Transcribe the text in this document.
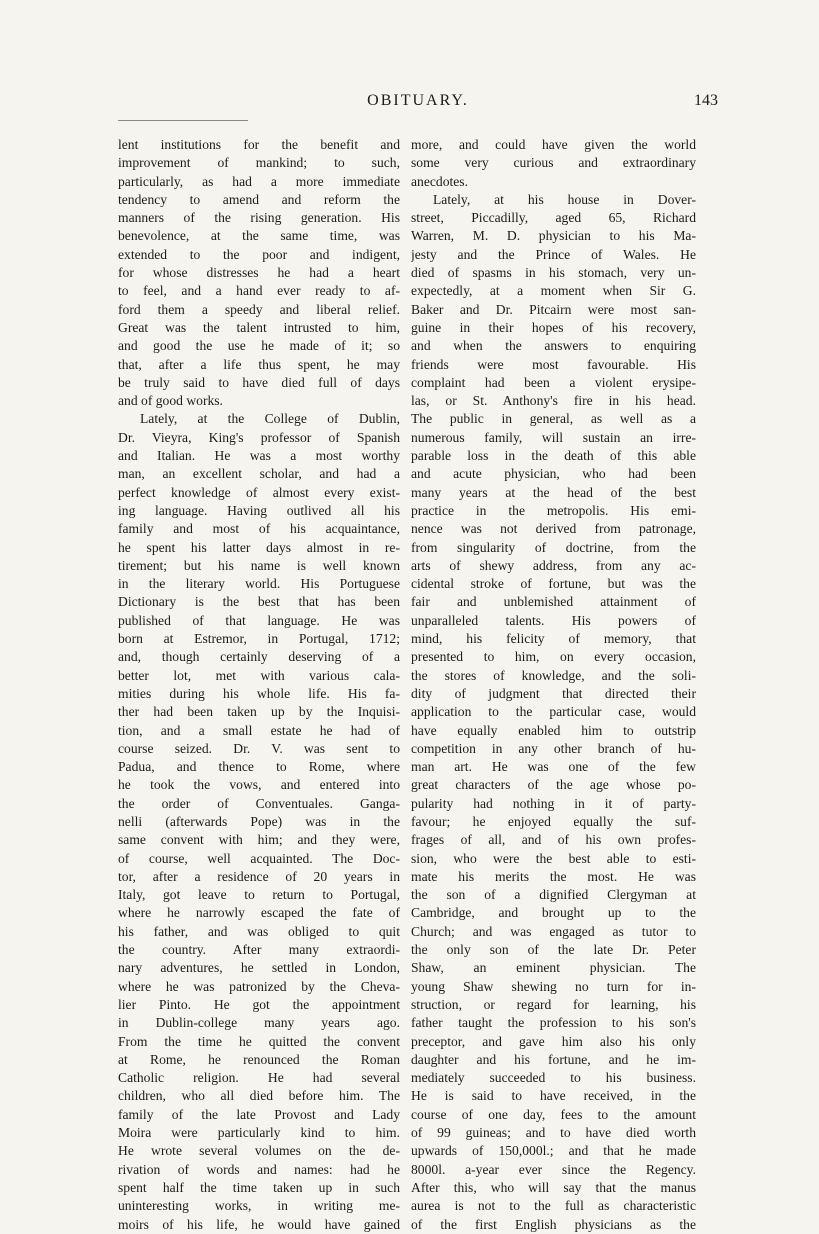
OBITUARY.	143
lent institutions for the benefit and
improvement of mankind; to such,
particularly, as had a more immediate
tendency to amend and reform the
manners of the rising generation. His
benevolence, at the same time, was
extended to the poor and indigent,
for whose distresses he had a heart
to feel, and a hand ever ready to af-
ford them a speedy and liberal relief.
Great was the talent intrusted to him,
and good the use he made of it; so
that, after a life thus spent, he may
be truly said to have died full of days
and of good works.
Lately, at the College of Dublin,
Dr. Vieyra, King's professor of Spanish
and Italian. He was a most worthy
man, an excellent scholar, and had a
perfect knowledge of almost every exist-
ing language. Having outlived all his
family and most of his acquaintance,
he spent his latter days almost in re-
tirement; but his name is well known
in the literary world. His Portuguese
Dictionary is the best that has been
published of that language. He was
born at Estremor, in Portugal, 1712;
and, though certainly deserving of a
better lot, met with various cala-
mities during his whole life. His fa-
ther had been taken up by the Inquisi-
tion, and a small estate he had of
course seized. Dr. V. was sent to
Padua, and thence to Rome, where
he took the vows, and entered into
the order of Conventuales. Ganga-
nelli (afterwards Pope) was in the
same convent with him; and they were,
of course, well acquainted. The Doc-
tor, after a residence of 20 years in
Italy, got leave to return to Portugal,
where he narrowly escaped the fate of
his father, and was obliged to quit
the country. After many extraordi-
nary adventures, he settled in London,
where he was patronized by the Cheva-
lier Pinto. He got the appointment
in Dublin-college many years ago.
From the time he quitted the convent
at Rome, he renounced the Roman
Catholic religion. He had several
children, who all died before him. The
family of the late Provost and Lady
Moira were particularly kind to him.
He wrote several volumes on the de-
rivation of words and names: had he
spent half the time taken up in such
uninteresting works, in writing me-
moirs of his life, he would have gained
more, and could have given the world
some very curious and extraordinary
anecdotes.
Lately, at his house in Dover-
street, Piccadilly, aged 65, Richard
Warren, M. D. physician to his Ma-
jesty and the Prince of Wales. He
died of spasms in his stomach, very un-
expectedly, at a moment when Sir G.
Baker and Dr. Pitcairn were most san-
guine in their hopes of his recovery,
and when the answers to enquiring
friends were most favourable. His
complaint had been a violent erysipe-
las, or St. Anthony's fire in his head.
The public in general, as well as a
numerous family, will sustain an irre-
parable loss in the death of this able
and acute physician, who had been
many years at the head of the best
practice in the metropolis. His emi-
nence was not derived from patronage,
from singularity of doctrine, from the
arts of shewy address, from any ac-
cidental stroke of fortune, but was the
fair and unblemished attainment of
unparalleled talents. His powers of
mind, his felicity of memory, that
presented to him, on every occasion,
the stores of knowledge, and the soli-
dity of judgment that directed their
application to the particular case, would
have equally enabled him to outstrip
competition in any other branch of hu-
man art. He was one of the few
great characters of the age whose po-
pularity had nothing in it of party-
favour; he enjoyed equally the suf-
frages of all, and of his own profes-
sion, who were the best able to esti-
mate his merits the most. He was
the son of a dignified Clergyman at
Cambridge, and brought up to the
Church; and was engaged as tutor to
the only son of the late Dr. Peter
Shaw, an eminent physician. The
young Shaw shewing no turn for in-
struction, or regard for learning, his
father taught the profession to his son's
preceptor, and gave him also his only
daughter and his fortune, and he im-
mediately succeeded to his business.
He is said to have received, in the
course of one day, fees to the amount
of 99 guineas; and to have died worth
upwards of 150,000l.; and that he made
8000l. a-year ever since the Regency.
After this, who will say that the manus
aurea is not to the full as characteristic
of the first English physicians as the
